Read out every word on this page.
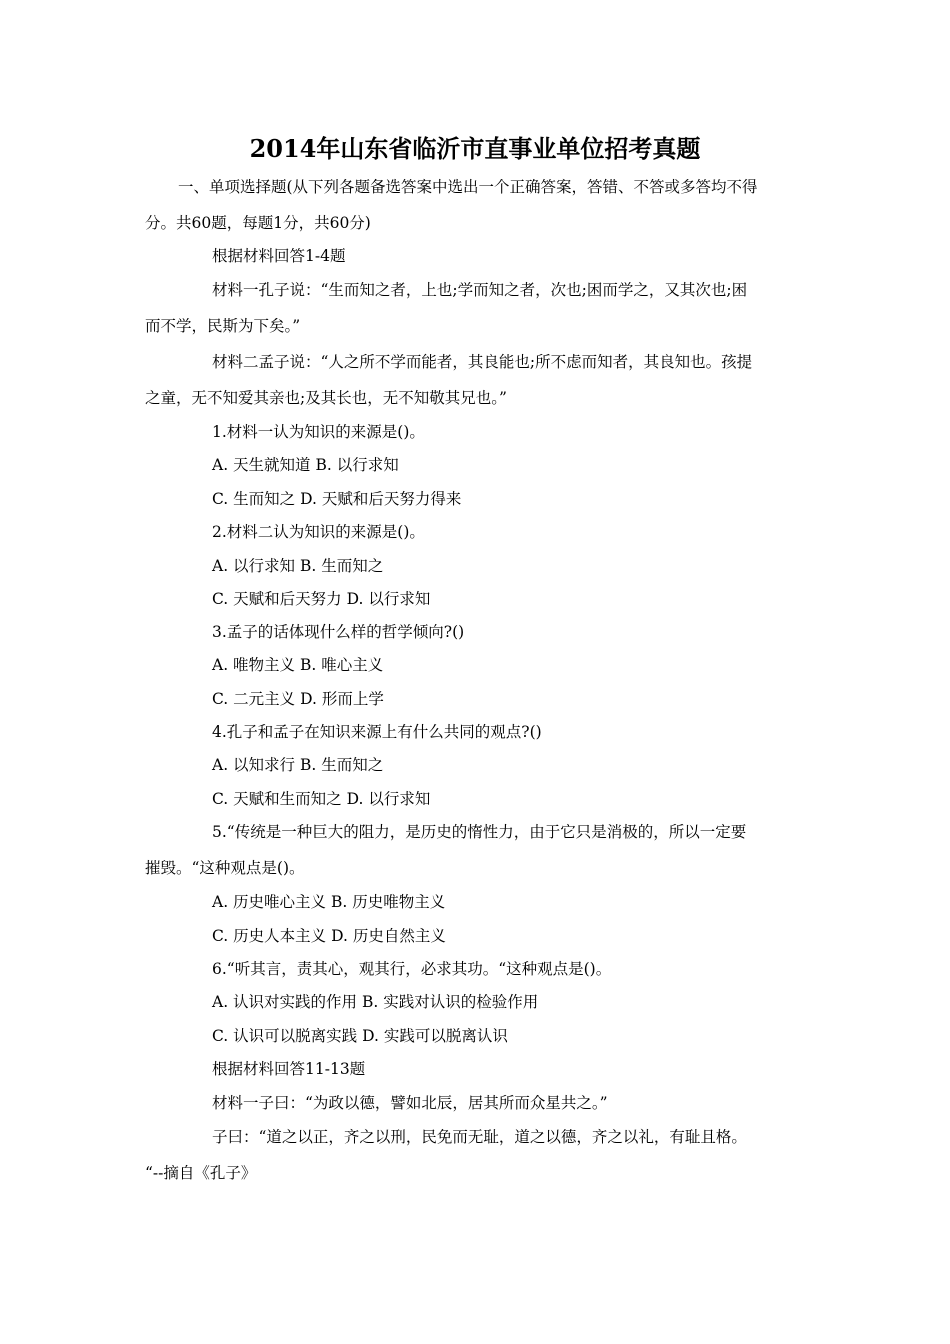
2014年山东省临沂市直事业单位招考真题
一、单项选择题(从下列各题备选答案中选出一个正确答案，答错、不答或多答均不得
分。共60题，每题1分，共60分)
根据材料回答1-4题
材料一孔子说：“生而知之者，上也;学而知之者，次也;困而学之，又其次也;困
而不学，民斯为下矣。”
材料二孟子说：“人之所不学而能者，其良能也;所不虑而知者，其良知也。孩提
之童，无不知爱其亲也;及其长也，无不知敬其兄也。”
1.材料一认为知识的来源是()。
A. 天生就知道 B. 以行求知
C. 生而知之 D. 天赋和后天努力得来
2.材料二认为知识的来源是()。
A. 以行求知 B. 生而知之
C. 天赋和后天努力 D. 以行求知
3.孟子的话体现什么样的哲学倾向?()
A. 唯物主义 B. 唯心主义
C. 二元主义 D. 形而上学
4.孔子和孟子在知识来源上有什么共同的观点?()
A. 以知求行 B. 生而知之
C. 天赋和生而知之 D. 以行求知
5.“传统是一种巨大的阻力，是历史的惰性力，由于它只是消极的，所以一定要
摧毁。“这种观点是()。
A. 历史唯心主义 B. 历史唯物主义
C. 历史人本主义 D. 历史自然主义
6.“听其言，责其心，观其行，必求其功。“这种观点是()。
A. 认识对实践的作用 B. 实践对认识的检验作用
C. 认识可以脱离实践 D. 实践可以脱离认识
根据材料回答11-13题
材料一子曰：“为政以德，譬如北辰，居其所而众星共之。”
子曰：“道之以正，齐之以刑，民免而无耻，道之以德，齐之以礼，有耻且格。
“--摘自《孔子》
